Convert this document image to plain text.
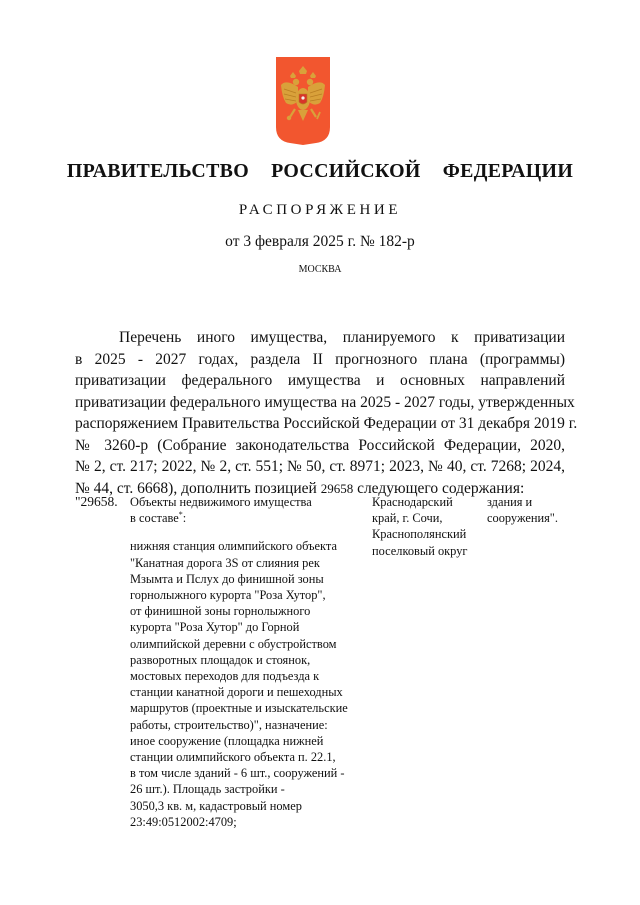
ПРАВИТЕЛЬСТВО  РОССИЙСКОЙ  ФЕДЕРАЦИИ
РАСПОРЯЖЕНИЕ
от 3 февраля 2025 г. № 182-р
МОСКВА
Перечень иного имущества, планируемого к приватизации
в 2025 - 2027 годах, раздела II прогнозного плана (программы)
приватизации федерального имущества и основных направлений
приватизации федерального имущества на 2025 - 2027 годы, утвержденных
распоряжением Правительства Российской Федерации от 31 декабря 2019 г.
№ 3260-р (Собрание законодательства Российской Федерации, 2020,
№ 2, ст. 217; 2022, № 2, ст. 551; № 50, ст. 8971; 2023, № 40, ст. 7268; 2024,
№ 44, ст. 6668), дополнить позицией 29658 следующего содержания:
"29658. Объекты недвижимого имущества
в составе*:
нижняя станция олимпийского объекта
"Канатная дорога 3S от слияния рек
Мзымта и Пслух до финишной зоны
горнолыжного курорта "Роза Хутор",
от финишной зоны горнолыжного
курорта "Роза Хутор" до Горной
олимпийской деревни с обустройством
разворотных площадок и стоянок,
мостовых переходов для подъезда к
станции канатной дороги и пешеходных
маршрутов (проектные и изыскательские
работы, строительство)", назначение:
иное сооружение (площадка нижней
станции олимпийского объекта п. 22.1,
в том числе зданий - 6 шт., сооружений -
26 шт.). Площадь застройки -
3050,3 кв. м, кадастровый номер
23:49:0512002:4709;
Краснодарский
край, г. Сочи,
Краснополянский
поселковый округ
здания и
сооружения".
